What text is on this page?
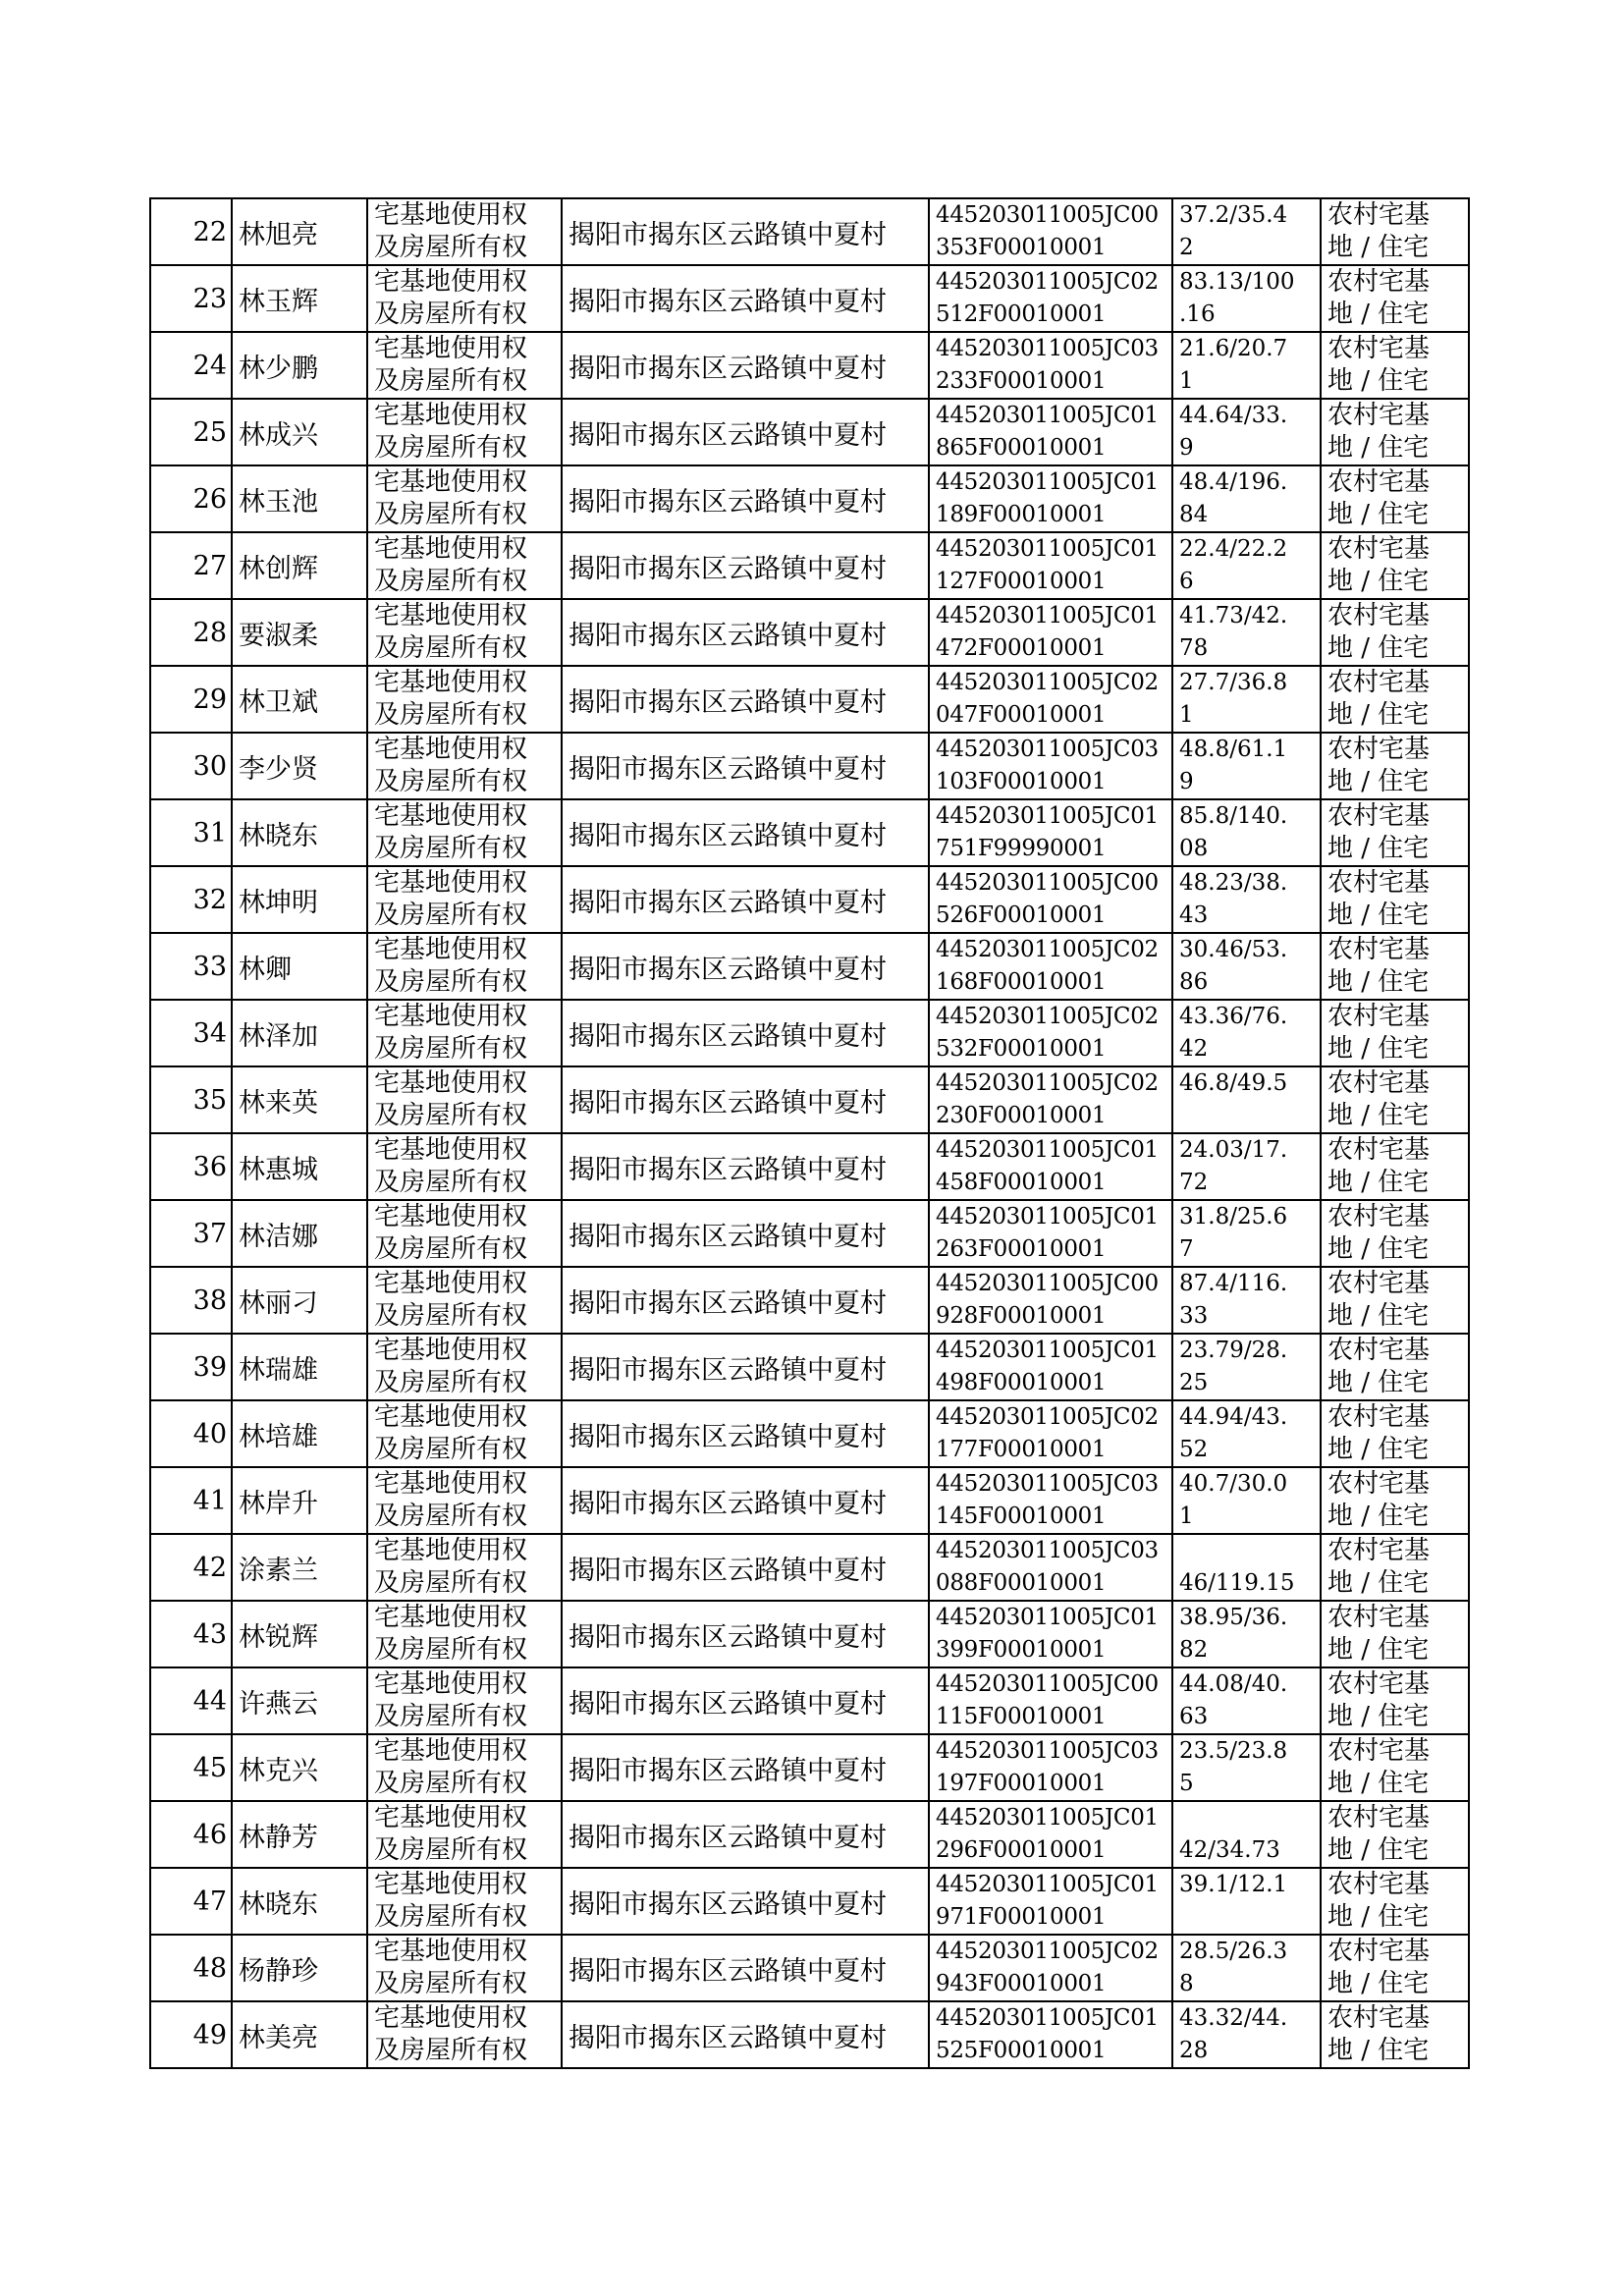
22	林旭亮	宅基地使用权
及房屋所有权	揭阳市揭东区云路镇中夏村	445203011005JC00
353F00010001	37.2/35.4
2	农村宅基
地 / 住宅

23	林玉辉	宅基地使用权
及房屋所有权	揭阳市揭东区云路镇中夏村	445203011005JC02
512F00010001	83.13/100
.16	农村宅基
地 / 住宅

24	林少鹏	宅基地使用权
及房屋所有权	揭阳市揭东区云路镇中夏村	445203011005JC03
233F00010001	21.6/20.7
1	农村宅基
地 / 住宅

25	林成兴	宅基地使用权
及房屋所有权	揭阳市揭东区云路镇中夏村	445203011005JC01
865F00010001	44.64/33.
9	农村宅基
地 / 住宅

26	林玉池	宅基地使用权
及房屋所有权	揭阳市揭东区云路镇中夏村	445203011005JC01
189F00010001	48.4/196.
84	农村宅基
地 / 住宅

27	林创辉	宅基地使用权
及房屋所有权	揭阳市揭东区云路镇中夏村	445203011005JC01
127F00010001	22.4/22.2
6	农村宅基
地 / 住宅

28	要淑柔	宅基地使用权
及房屋所有权	揭阳市揭东区云路镇中夏村	445203011005JC01
472F00010001	41.73/42.
78	农村宅基
地 / 住宅

29	林卫斌	宅基地使用权
及房屋所有权	揭阳市揭东区云路镇中夏村	445203011005JC02
047F00010001	27.7/36.8
1	农村宅基
地 / 住宅

30	李少贤	宅基地使用权
及房屋所有权	揭阳市揭东区云路镇中夏村	445203011005JC03
103F00010001	48.8/61.1
9	农村宅基
地 / 住宅

31	林晓东	宅基地使用权
及房屋所有权	揭阳市揭东区云路镇中夏村	445203011005JC01
751F99990001	85.8/140.
08	农村宅基
地 / 住宅

32	林坤明	宅基地使用权
及房屋所有权	揭阳市揭东区云路镇中夏村	445203011005JC00
526F00010001	48.23/38.
43	农村宅基
地 / 住宅

33	林卿	宅基地使用权
及房屋所有权	揭阳市揭东区云路镇中夏村	445203011005JC02
168F00010001	30.46/53.
86	农村宅基
地 / 住宅

34	林泽加	宅基地使用权
及房屋所有权	揭阳市揭东区云路镇中夏村	445203011005JC02
532F00010001	43.36/76.
42	农村宅基
地 / 住宅

35	林来英	宅基地使用权
及房屋所有权	揭阳市揭东区云路镇中夏村	445203011005JC02
230F00010001	46.8/49.5	农村宅基
地 / 住宅

36	林惠城	宅基地使用权
及房屋所有权	揭阳市揭东区云路镇中夏村	445203011005JC01
458F00010001	24.03/17.
72	农村宅基
地 / 住宅

37	林洁娜	宅基地使用权
及房屋所有权	揭阳市揭东区云路镇中夏村	445203011005JC01
263F00010001	31.8/25.6
7	农村宅基
地 / 住宅

38	林丽刁	宅基地使用权
及房屋所有权	揭阳市揭东区云路镇中夏村	445203011005JC00
928F00010001	87.4/116.
33	农村宅基
地 / 住宅

39	林瑞雄	宅基地使用权
及房屋所有权	揭阳市揭东区云路镇中夏村	445203011005JC01
498F00010001	23.79/28.
25	农村宅基
地 / 住宅

40	林培雄	宅基地使用权
及房屋所有权	揭阳市揭东区云路镇中夏村	445203011005JC02
177F00010001	44.94/43.
52	农村宅基
地 / 住宅

41	林岸升	宅基地使用权
及房屋所有权	揭阳市揭东区云路镇中夏村	445203011005JC03
145F00010001	40.7/30.0
1	农村宅基
地 / 住宅

42	涂素兰	宅基地使用权
及房屋所有权	揭阳市揭东区云路镇中夏村	445203011005JC03
088F00010001	46/119.15	农村宅基
地 / 住宅

43	林锐辉	宅基地使用权
及房屋所有权	揭阳市揭东区云路镇中夏村	445203011005JC01
399F00010001	38.95/36.
82	农村宅基
地 / 住宅

44	许燕云	宅基地使用权
及房屋所有权	揭阳市揭东区云路镇中夏村	445203011005JC00
115F00010001	44.08/40.
63	农村宅基
地 / 住宅

45	林克兴	宅基地使用权
及房屋所有权	揭阳市揭东区云路镇中夏村	445203011005JC03
197F00010001	23.5/23.8
5	农村宅基
地 / 住宅

46	林静芳	宅基地使用权
及房屋所有权	揭阳市揭东区云路镇中夏村	445203011005JC01
296F00010001	42/34.73	农村宅基
地 / 住宅

47	林晓东	宅基地使用权
及房屋所有权	揭阳市揭东区云路镇中夏村	445203011005JC01
971F00010001	39.1/12.1	农村宅基
地 / 住宅

48	杨静珍	宅基地使用权
及房屋所有权	揭阳市揭东区云路镇中夏村	445203011005JC02
943F00010001	28.5/26.3
8	农村宅基
地 / 住宅

49	林美亮	宅基地使用权
及房屋所有权	揭阳市揭东区云路镇中夏村	445203011005JC01
525F00010001	43.32/44.
28	农村宅基
地 / 住宅
